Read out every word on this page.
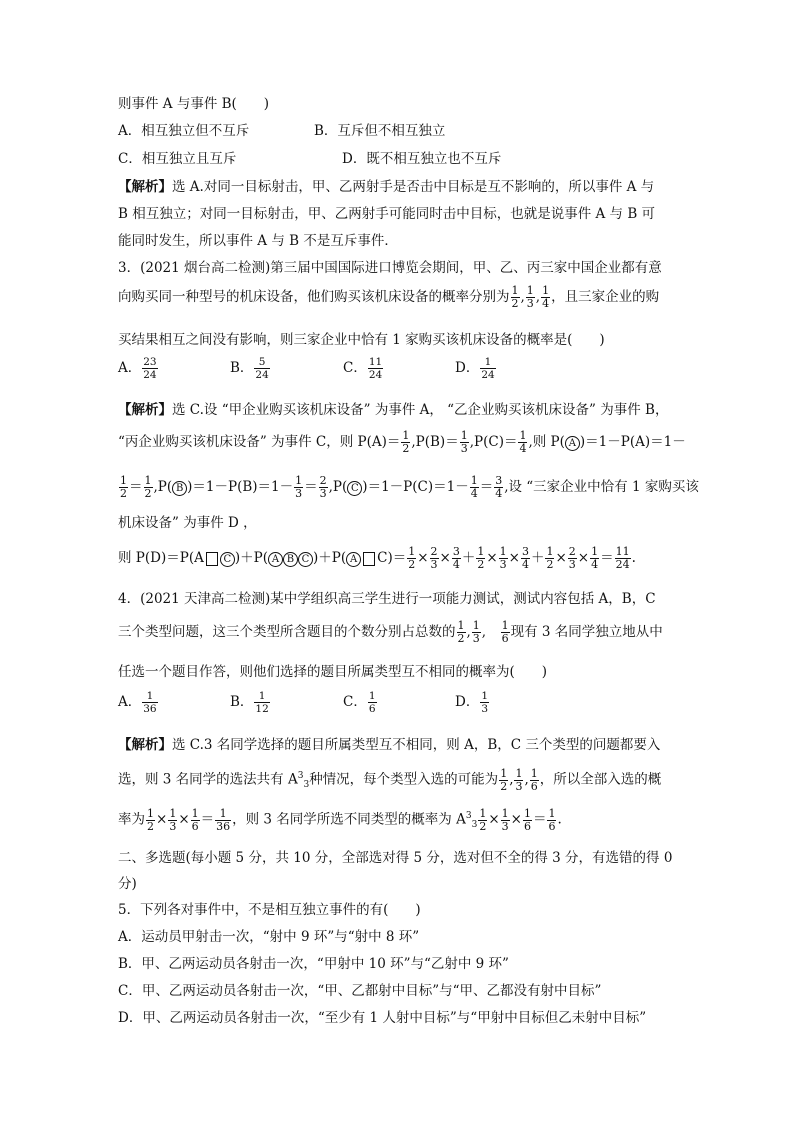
则事件 A 与事件 B(　　)
A．相互独立但不互斥	B．互斥但不相互独立
C．相互独立且互斥	D．既不相互独立也不互斥
【解析】选 A.对同一目标射击，甲、乙两射手是否击中目标是互不影响的，所以事件 A 与
B 相互独立；对同一目标射击，甲、乙两射手可能同时击中目标，也就是说事件 A 与 B 可
能同时发生，所以事件 A 与 B 不是互斥事件．
3．(2021 烟台高二检测)第三届中国国际进口博览会期间，甲、乙、丙三家中国企业都有意
向购买同一种型号的机床设备，他们购买该机床设备的概率分别为 $\frac{1}{2}$ , $\frac{1}{3}$ , $\frac{1}{4}$ ，且三家企业的购
买结果相互之间没有影响，则三家企业中恰有 1 家购买该机床设备的概率是(　　)
A． $\frac{23}{24}$	B． $\frac{5}{24}$	C． $\frac{11}{24}$	D． $\frac{1}{24}$
【解析】选 C.设 “甲企业购买该机床设备” 为事件 A， “乙企业购买该机床设备” 为事件 B，
“丙企业购买该机床设备” 为事件 C，则 $P(A)= \frac{1}{2} ,P(B)= \frac{1}{3} ,P(C)= \frac{1}{4}$ ,则 P( A )＝1－P(A)＝1－
$\frac{1}{2} = \frac{1}{2} ,P$( B )$=1-P(B)=1- \frac{1}{3} = \frac{2}{3} ,P$( C )$=1-P(C)=1- \frac{1}{4} = \frac{3}{4}$ ,设 “三家企业中恰有 1 家购买该
机床设备” 为事件 D ，
则 P(D)＝P(A C )＋P( A B C )＋P( A $C)= \frac{1}{2} \times \frac{2}{3} \times \frac{3}{4} + \frac{1}{2} \times \frac{1}{3} \times \frac{3}{4} + \frac{1}{2} \times \frac{2}{3} \times \frac{1}{4} = \frac{11}{24}$ .
4．(2021 天津高二检测)某中学组织高三学生进行一项能力测试，测试内容包括 A，B，C
三个类型问题，这三个类型所含题目的个数分别占总数的 $\frac{1}{2}$ , $\frac{1}{3}$ ,　 $\frac{1}{6}$ 现有 3 名同学独立地从中
任选一个题目作答，则他们选择的题目所属类型互不相同的概率为(　　)
A． $\frac{1}{36}$	B． $\frac{1}{12}$	C． $\frac{1}{6}$	D． $\frac{1}{3}$
【解析】选 C.3 名同学选择的题目所属类型互不相同，则 A，B，C 三个类型的问题都要入
选，则 3 名同学的选法共有 $A^3_3$种情况，每个类型入选的可能为 $\frac{1}{2}$ , $\frac{1}{3}$ , $\frac{1}{6}$ ，所以全部入选的概
率为 $\frac{1}{2} \times \frac{1}{3} \times \frac{1}{6} = \frac{1}{36}$ ，则 3 名同学所选不同类型的概率为 $A^3_3 \frac{1}{2} \times \frac{1}{3} \times \frac{1}{6} = \frac{1}{6}$ .
二、多选题(每小题 5 分，共 10 分，全部选对得 5 分，选对但不全的得 3 分，有选错的得 0
分)
5．下列各对事件中，不是相互独立事件的有(　　)
A．运动员甲射击一次，“射中 9 环”与“射中 8 环”
B．甲、乙两运动员各射击一次，“甲射中 10 环”与“乙射中 9 环”
C．甲、乙两运动员各射击一次，“甲、乙都射中目标”与“甲、乙都没有射中目标”
D．甲、乙两运动员各射击一次，“至少有 1 人射中目标”与“甲射中目标但乙未射中目标”
